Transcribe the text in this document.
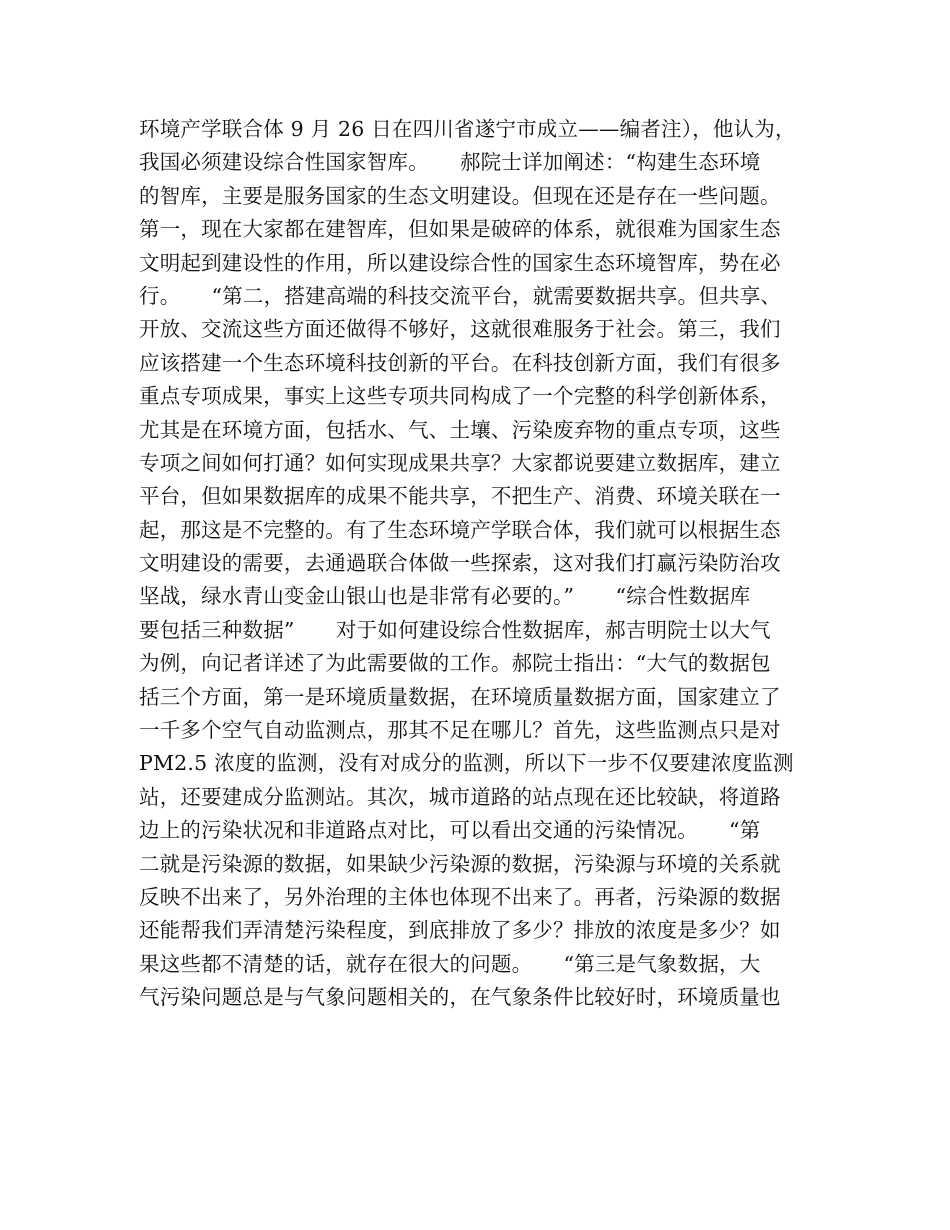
环境产学联合体 9 月 26 日在四川省遂宁市成立——编者注），他认为，
我国必须建设综合性国家智库。　　郝院士详加阐述：“构建生态环境
的智库，主要是服务国家的生态文明建设。但现在还是存在一些问题。
第一，现在大家都在建智库，但如果是破碎的体系，就很难为国家生态
文明起到建设性的作用，所以建设综合性的国家生态环境智库，势在必
行。　　“第二，搭建高端的科技交流平台，就需要数据共享。但共享、
开放、交流这些方面还做得不够好，这就很难服务于社会。第三，我们
应该搭建一个生态环境科技创新的平台。在科技创新方面，我们有很多
重点专项成果，事实上这些专项共同构成了一个完整的科学创新体系，
尤其是在环境方面，包括水、气、土壤、污染废弃物的重点专项，这些
专项之间如何打通？如何实现成果共享？大家都说要建立数据库，建立
平台，但如果数据库的成果不能共享，不把生产、消费、环境关联在一
起，那这是不完整的。有了生态环境产学联合体，我们就可以根据生态
文明建设的需要，去通過联合体做一些探索，这对我们打赢污染防治攻
坚战，绿水青山变金山银山也是非常有必要的。”　　“综合性数据库
要包括三种数据”　　对于如何建设综合性数据库，郝吉明院士以大气
为例，向记者详述了为此需要做的工作。郝院士指出：“大气的数据包
括三个方面，第一是环境质量数据，在环境质量数据方面，国家建立了
一千多个空气自动监测点，那其不足在哪儿？首先，这些监测点只是对
PM2.5 浓度的监测，没有对成分的监测，所以下一步不仅要建浓度监测
站，还要建成分监测站。其次，城市道路的站点现在还比较缺，将道路
边上的污染状况和非道路点对比，可以看出交通的污染情况。　　“第
二就是污染源的数据，如果缺少污染源的数据，污染源与环境的关系就
反映不出来了，另外治理的主体也体现不出来了。再者，污染源的数据
还能帮我们弄清楚污染程度，到底排放了多少？排放的浓度是多少？如
果这些都不清楚的话，就存在很大的问题。　　“第三是气象数据，大
气污染问题总是与气象问题相关的，在气象条件比较好时，环境质量也
